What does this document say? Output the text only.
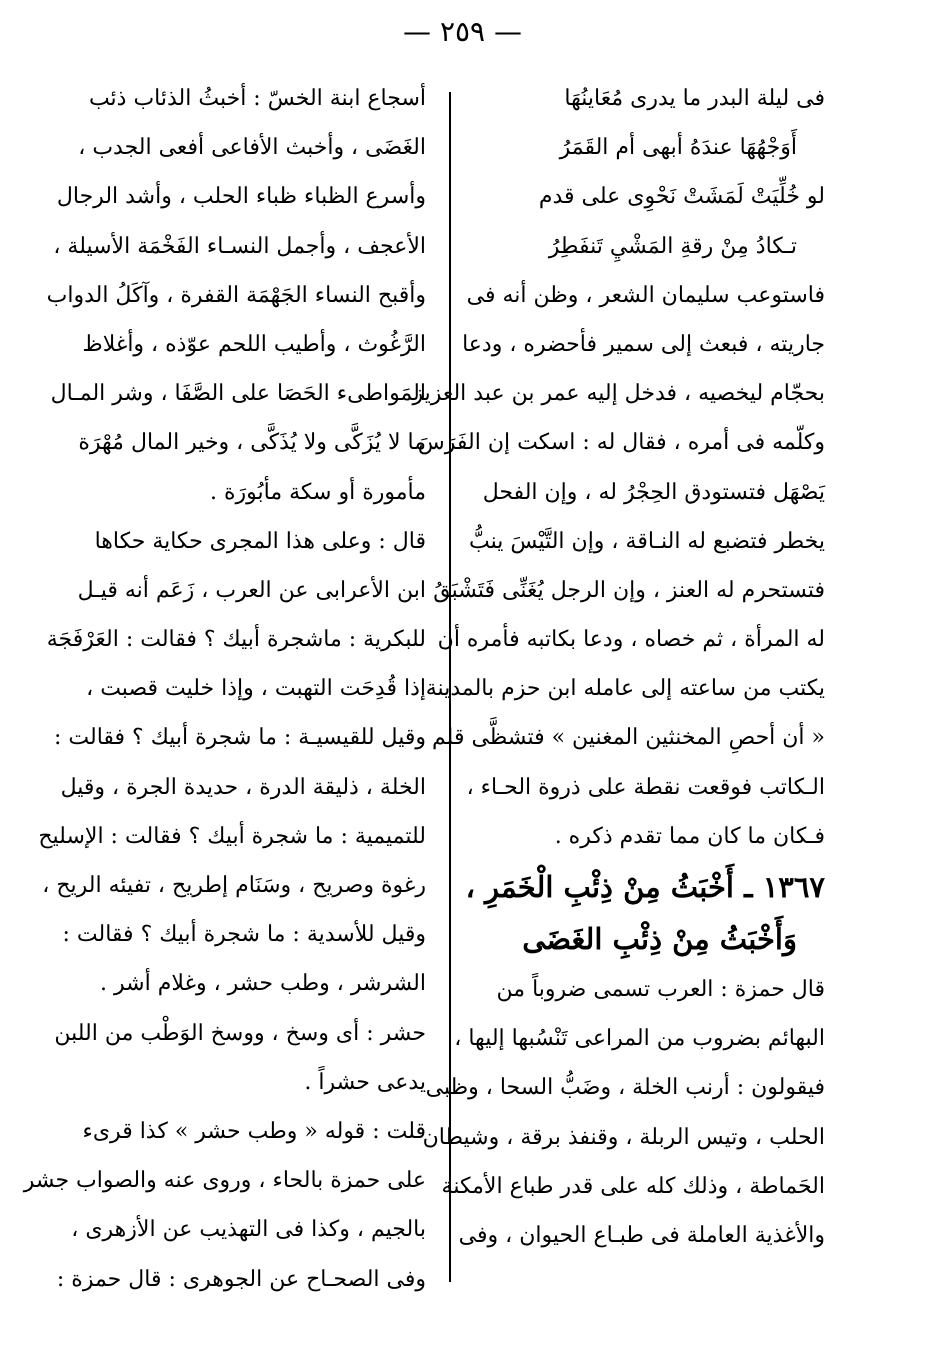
— ٢٥٩ —
فى ليلة البدر ما يدرى مُعَاينُهَا
أَوَجْهُهَا عندَهُ أبهى أم القَمَرُ
لو خُلِّيَتْ لَمَشَتْ نَحْوِى على قدم
تـكادُ مِنْ رقةِ المَشْيِ تَنفَطِرُ
فاستوعب سليمان الشعر ، وظن أنه فى
جاريته ، فبعث إلى سمير فأحضره ، ودعا
بحجّام ليخصيه ، فدخل إليه عمر بن عبد العزيز
وكلّمه فى أمره ، فقال له : اسكت إن الفَرَسَ
يَصْهَل فتستودق الحِجْرُ له ، وإن الفحل
يخطر فتضبع له النـاقة ، وإن التَّيْسَ ينبُّ
فتستحرم له العنز ، وإن الرجل يُغَنِّى فَتَشْبَقُ
له المرأة ، ثم خصاه ، ودعا بكاتبه فأمره أن
يكتب من ساعته إلى عامله ابن حزم بالمدينة
« أن أحصِ المخنثين المغنين » فتشظَّى قلم
الـكاتب فوقعت نقطة على ذروة الحـاء ،
فـكان ما كان مما تقدم ذكره .
١٣٦٧ ـ أَخْبَثُ مِنْ ذِئْبِ الْخَمَرِ ،
وَأَخْبَثُ مِنْ ذِئْبِ الغَضَى
قال حمزة : العرب تسمى ضروباً من
البهائم بضروب من المراعى تَنْسُبها إليها ،
فيقولون : أرنب الخلة ، وضَبُّ السحا ، وظبى
الحلب ، وتيس الربلة ، وقنفذ برقة ، وشيطان
الحَماطة ، وذلك كله على قدر طباع الأمكنة
والأغذية العاملة فى طبـاع الحيوان ، وفى
أسجاع ابنة الخسّ : أخبثُ الذئاب ذئب
الغَضَى ، وأخبث الأفاعى أفعى الجدب ،
وأسرع الظباء ظباء الحلب ، وأشد الرجال
الأعجف ، وأجمل النسـاء الفَخْمَة الأسيلة ،
وأقبح النساء الجَهْمَة القفرة ، وآكَلُ الدواب
الرَّغُوث ، وأطيب اللحم عوّذه ، وأغلاظ
المَواطىء الحَصَا على الصَّفَا ، وشر المـال
ما لا يُزَكَّى ولا يُذَكَّى ، وخير المال مُهْرَة
مأمورة أو سكة مأبُورَة .
قال : وعلى هذا المجرى حكاية حكاها
ابن الأعرابى عن العرب ، زَعَم أنه قيـل
للبكرية : ماشجرة أبيك ؟ فقالت : العَرْفَجَة
إذا قُدِحَت التهبت ، وإذا خليت قصبت ،
وقيل للقيسيـة : ما شجرة أبيك ؟ فقالت :
الخلة ، ذليقة الدرة ، حديدة الجرة ، وقيل
للتميمية : ما شجرة أبيك ؟ فقالت : الإسليح
رغوة وصريح ، وسَنَام إطريح ، تفيئه الريح ،
وقيل للأسدية : ما شجرة أبيك ؟ فقالت :
الشرشر ، وطب حشر ، وغلام أشر .
حشر : أى وسخ ، ووسخ الوَطْب من اللبن
يدعى حشراً .
قلت : قوله « وطب حشر » كذا قرىء
على حمزة بالحاء ، وروى عنه والصواب جشر
بالجيم ، وكذا فى التهذيب عن الأزهرى ،
وفى الصحـاح عن الجوهرى : قال حمزة :
